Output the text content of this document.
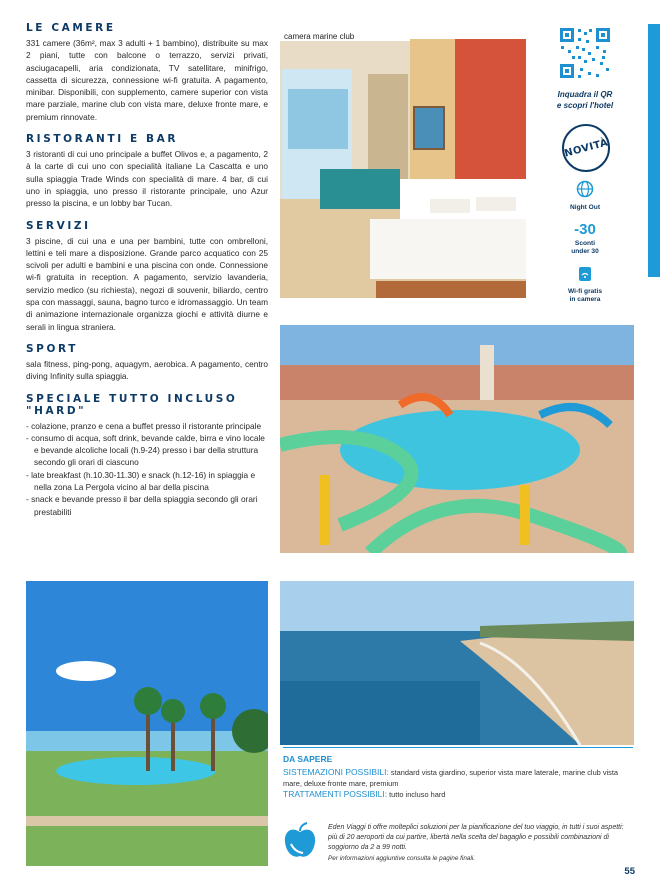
LE CAMERE

331 camere (36m², max 3 adulti + 1 bambino), distribuite su max 2 piani, tutte con balcone o terrazzo, servizi privati, asciugacapelli, aria condizionata, TV satellitare, minifrigo, cassetta di sicurezza, connessione wi-fi gratuita. A pagamento, minibar. Disponibili, con supplemento, camere superior con vista mare parziale, marine club con vista mare, deluxe fronte mare, e premium rinnovate.

RISTORANTI E BAR

3 ristoranti di cui uno principale a buffet Olivos e, a pagamento, 2 à la carte di cui uno con specialità italiane La Cascatta e uno sulla spiaggia Trade Winds con specialità di mare. 4 bar, di cui uno in spiaggia, uno presso il ristorante principale, uno Azur presso la piscina, e un lobby bar Tucan.

SERVIZI

3 piscine, di cui una e una per bambini, tutte con ombrelloni, lettini e teli mare a disposizione. Grande parco acquatico con 25 scivoli per adulti e bambini e una piscina con onde. Connessione wi-fi gratuita in reception. A pagamento, servizio lavanderia, servizio medico (su richiesta), negozi di souvenir, biliardo, centro spa con massaggi, sauna, bagno turco e idromassaggio. Un team di animazione internazionale organizza giochi e attività diurne e serali in lingua straniera.

SPORT

sala fitness, ping-pong, aquagym, aerobica. A pagamento, centro diving Infinity sulla spiaggia.

SPECIALE TUTTO INCLUSO "HARD"
- colazione, pranzo e cena a buffet presso il ristorante principale
- consumo di acqua, soft drink, bevande calde, birra e vino locale e bevande alcoliche locali (h.9-24) presso i bar della struttura secondo gli orari di ciascuno
- late breakfast (h.10.30-11.30) e snack (h.12-16) in spiaggia e nella zona La Pergola vicino al bar della piscina
- snack e bevande presso il bar della spiaggia secondo gli orari prestabiliti
camera marine club
Inquadra il QR
e scopri l'hotel
NOVITÀ
Night Out
-30
Sconti
under 30
Wi-fi gratis
in camera
DA SAPERE
SISTEMAZIONI POSSIBILI: standard vista giardino, superior vista mare laterale, marine club vista mare, deluxe fronte mare, premium
TRATTAMENTI POSSIBILI: tutto incluso hard
Eden Viaggi ti offre molteplici soluzioni per la pianificazione del tuo viaggio, in tutti i suoi aspetti: più di 20 aeroporti da cui partire, libertà nella scelta del bagaglio e possibili combinazioni di soggiorno da 2 a 99 notti.
Per informazioni aggiuntive consulta le pagine finali.
55
